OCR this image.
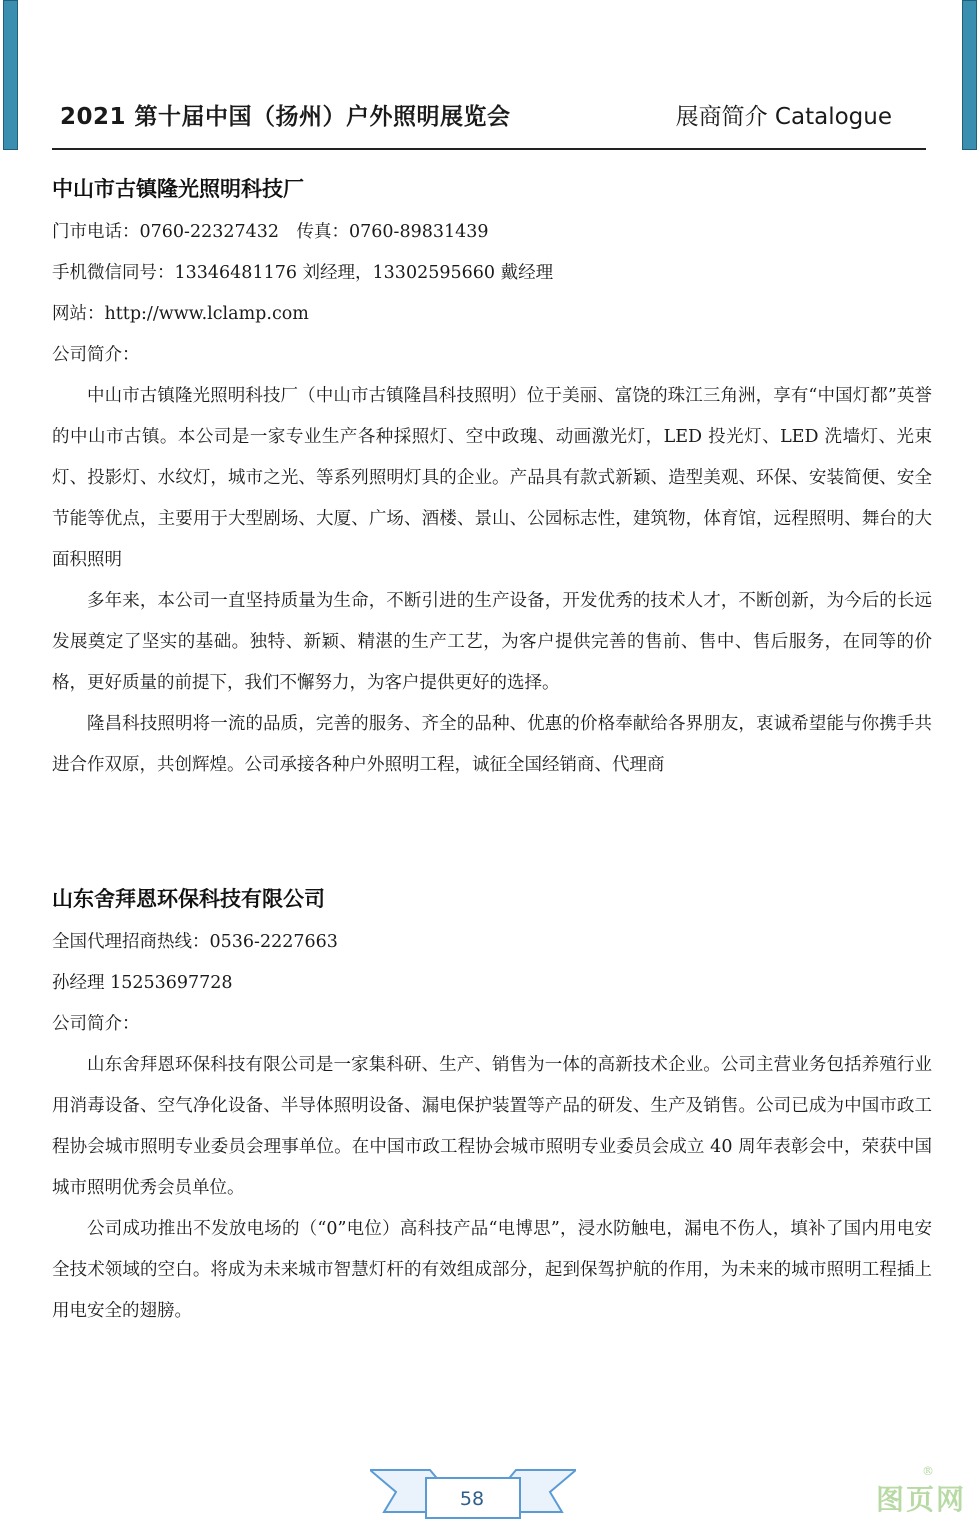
2021 第十届中国（扬州）户外照明展览会	展商简介 Catalogue
中山市古镇隆光照明科技厂
门市电话：0760-22327432　传真：0760-89831439
手机微信同号：13346481176 刘经理，13302595660 戴经理
网站：http://www.lclamp.com
公司简介：

中山市古镇隆光照明科技厂（中山市古镇隆昌科技照明）位于美丽、富饶的珠江三角洲，享有“中国灯都”英誉的中山市古镇。本公司是一家专业生产各种採照灯、空中政瑰、动画激光灯，LED 投光灯、LED 洗墙灯、光束灯、投影灯、水纹灯，城市之光、等系列照明灯具的企业。产品具有款式新颖、造型美观、环保、安装简便、安全节能等优点，主要用于大型剧场、大厦、广场、酒楼、景山、公园标志性，建筑物，体育馆，远程照明、舞台的大面积照明

多年来，本公司一直坚持质量为生命，不断引进的生产设备，开发优秀的技术人才，不断创新，为今后的长远发展奠定了坚实的基础。独特、新颖、精湛的生产工艺，为客户提供完善的售前、售中、售后服务，在同等的价格，更好质量的前提下，我们不懈努力，为客户提供更好的选择。

隆昌科技照明将一流的品质，完善的服务、齐全的品种、优惠的价格奉献给各界朋友，衷诚希望能与你携手共进合作双原，共创辉煌。公司承接各种户外照明工程，诚征全国经销商、代理商

山东舍拜恩环保科技有限公司
全国代理招商热线：0536-2227663
孙经理 15253697728
公司简介：

山东舍拜恩环保科技有限公司是一家集科研、生产、销售为一体的高新技术企业。公司主营业务包括养殖行业用消毒设备、空气净化设备、半导体照明设备、漏电保护装置等产品的研发、生产及销售。公司已成为中国市政工程协会城市照明专业委员会理事单位。在中国市政工程协会城市照明专业委员会成立 40 周年表彰会中，荣获中国城市照明优秀会员单位。

公司成功推出不发放电场的（“0”电位）高科技产品“电博思”，浸水防触电，漏电不伤人，填补了国内用电安全技术领域的空白。将成为未来城市智慧灯杆的有效组成部分，起到保驾护航的作用，为未来的城市照明工程插上用电安全的翅膀。

58
®
图页网
